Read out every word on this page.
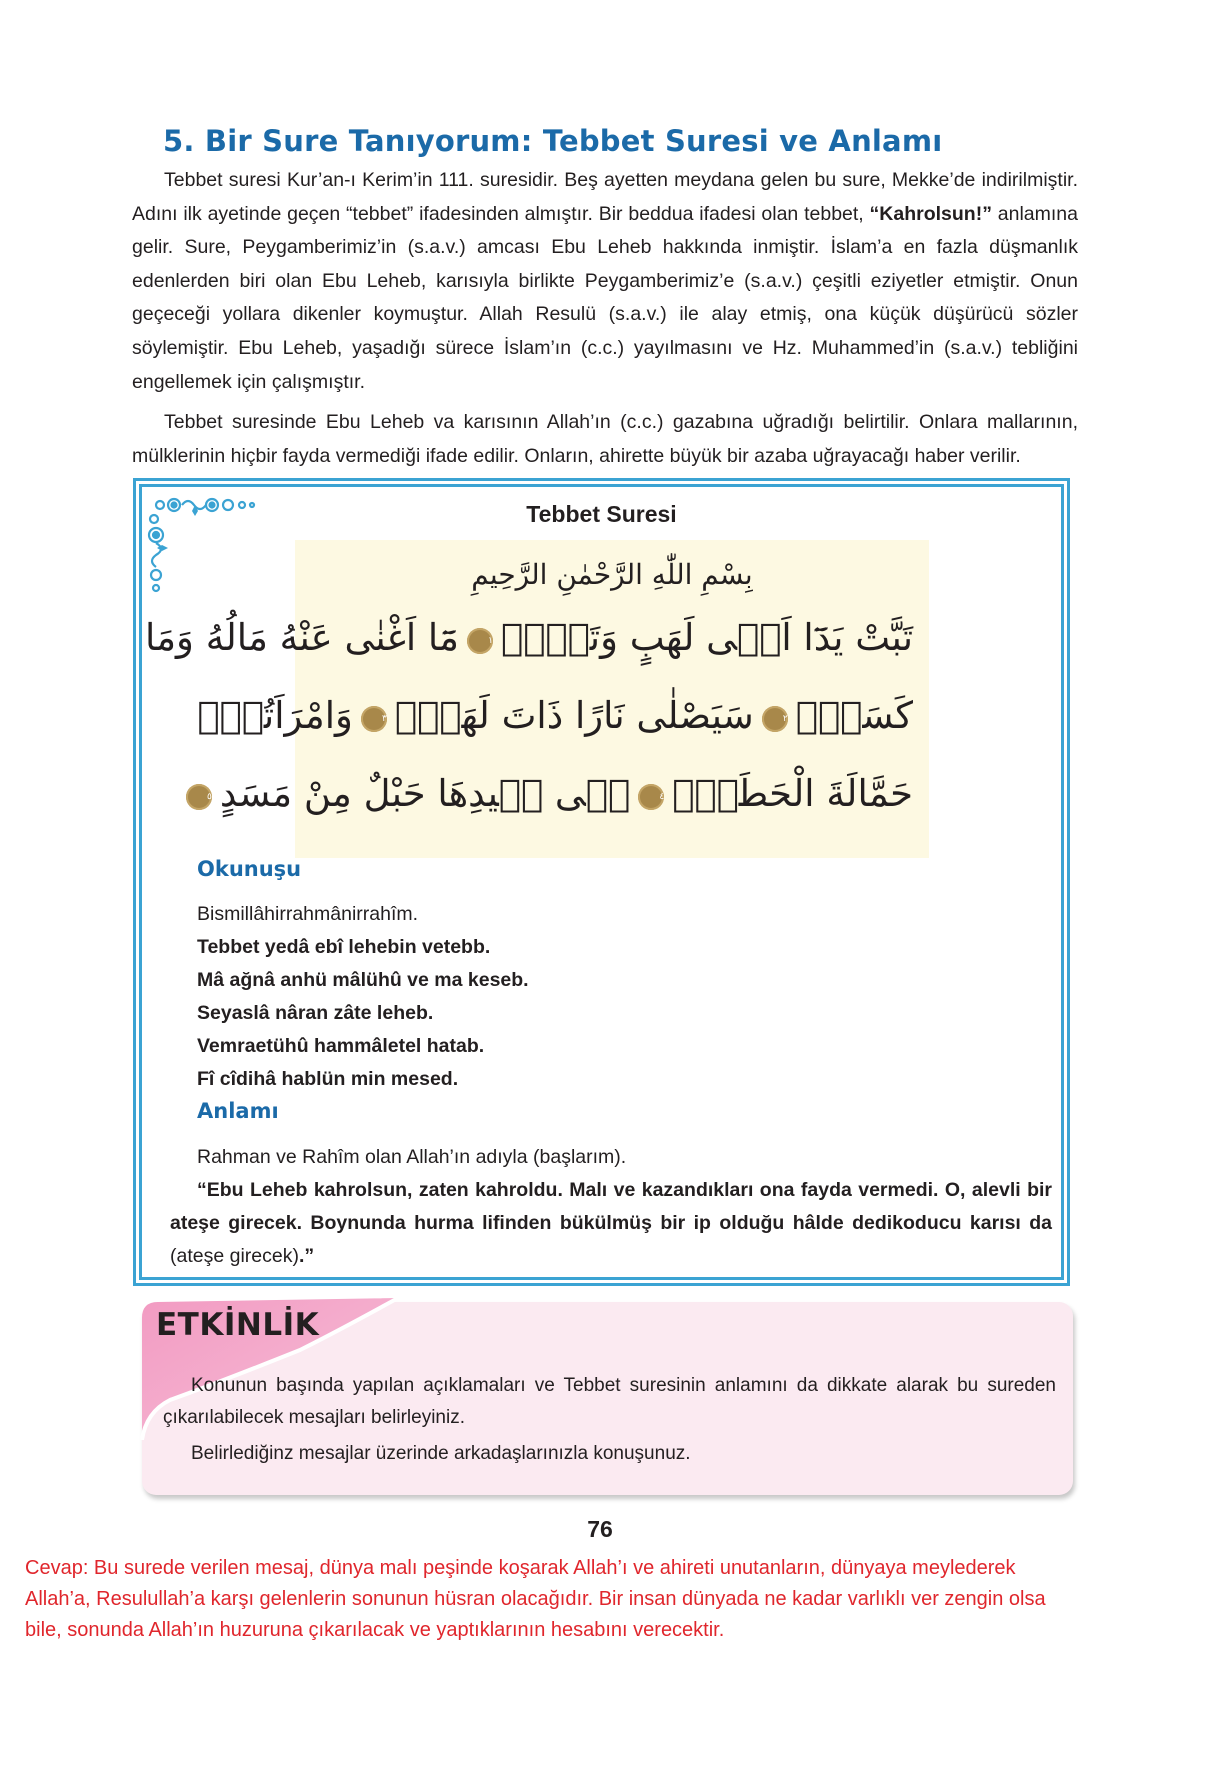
5. Bir Sure Tanıyorum: Tebbet Suresi ve Anlamı

Tebbet suresi Kur’an-ı Kerim’in 111. suresidir. Beş ayetten meydana gelen bu sure, Mekke’de indirilmiştir. Adını ilk ayetinde geçen “tebbet” ifadesinden almıştır. Bir beddua ifadesi olan tebbet, “Kahrolsun!” anlamına gelir. Sure, Peygamberimiz’in (s.a.v.) amcası Ebu Leheb hakkında inmiştir. İslam’a en fazla düşmanlık edenlerden biri olan Ebu Leheb, karısıyla birlikte Peygamberimiz’e (s.a.v.) çeşitli eziyetler etmiştir. Onun geçeceği yollara dikenler koymuştur. Allah Resulü (s.a.v.) ile alay etmiş, ona küçük düşürücü sözler söylemiştir. Ebu Leheb, yaşadığı sürece İslam’ın (c.c.) yayılmasını ve Hz. Muhammed’in (s.a.v.) tebliğini engellemek için çalışmıştır.

Tebbet suresinde Ebu Leheb va karısının Allah’ın (c.c.) gazabına uğradığı belirtilir. Onlara mallarının, mülklerinin hiçbir fayda vermediği ifade edilir. Onların, ahirette büyük bir azaba uğrayacağı haber verilir.

Tebbet Suresi
بِسْمِ اللّٰهِ الرَّحْمٰنِ الرَّحِيمِ
تَبَّتْ يَدَٓا اَبٖى لَهَبٍ وَتَبَّۜ١مَٓا اَغْنٰى عَنْهُ مَالُهُ وَمَا
كَسَبَۜ٢سَيَصْلٰى نَارًا ذَاتَ لَهَبٍۚ٣وَامْرَاَتُهُۜ
حَمَّالَةَ الْحَطَبِۚ٤فٖى جٖيدِهَا حَبْلٌ مِنْ مَسَدٍ٥
Okunuşu
Bismillâhirrahmânirrahîm.
Tebbet yedâ ebî lehebin vetebb.
Mâ ağnâ anhü mâlühû ve ma keseb.
Seyaslâ nâran zâte leheb.
Vemraetühû hammâletel hatab.
Fî cîdihâ hablün min mesed.
Anlamı

Rahman ve Rahîm olan Allah’ın adıyla (başlarım).

“Ebu Leheb kahrolsun, zaten kahroldu. Malı ve kazandıkları ona fayda vermedi. O, alevli bir ateşe girecek. Boynunda hurma lifinden bükülmüş bir ip olduğu hâlde dedikoducu karısı da (ateşe girecek).”

ETKİNLİK

Konunun başında yapılan açıklamaları ve Tebbet suresinin anlamını da dikkate alarak bu sureden çıkarılabilecek mesajları belirleyiniz.

Belirlediğinz mesajlar üzerinde arkadaşlarınızla konuşunuz.

76
Cevap: Bu surede verilen mesaj, dünya malı peşinde koşarak Allah’ı ve ahireti unutanların, dünyaya meylederek Allah’a, Resulullah’a karşı gelenlerin sonunun hüsran olacağıdır. Bir insan dünyada ne kadar varlıklı ver zengin olsa bile, sonunda Allah’ın huzuruna çıkarılacak ve yaptıklarının hesabını verecektir.
